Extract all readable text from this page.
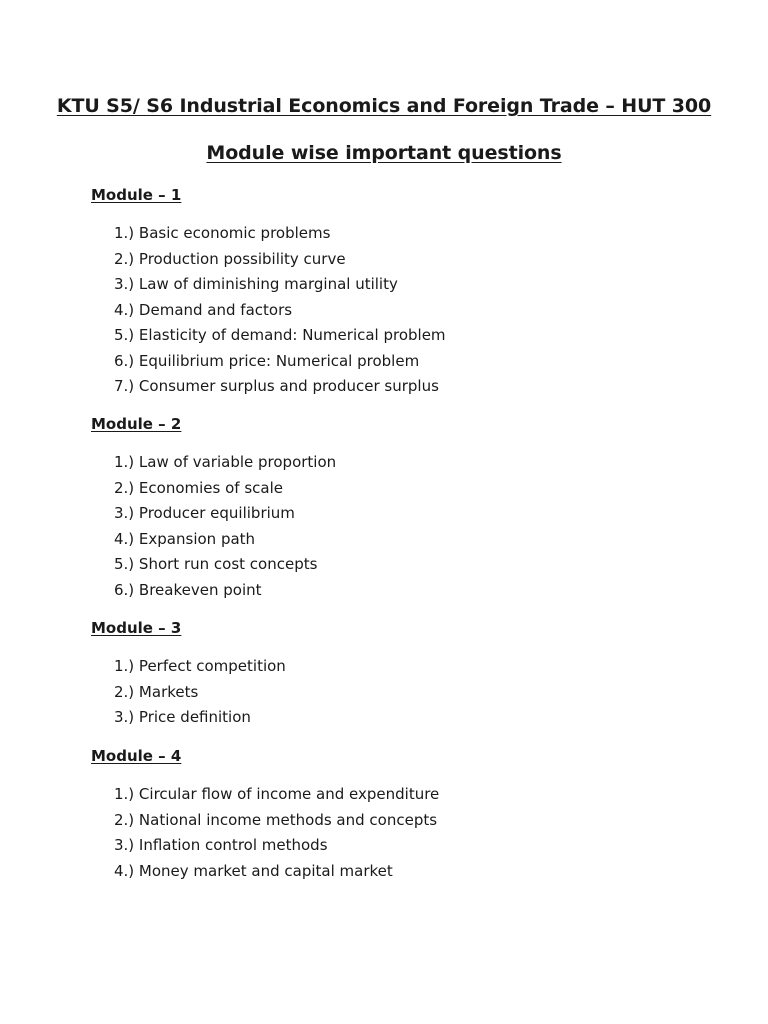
KTU S5/ S6 Industrial Economics and Foreign Trade – HUT 300
Module wise important questions
Module – 1
1.) Basic economic problems
2.) Production possibility curve
3.) Law of diminishing marginal utility
4.) Demand and factors
5.) Elasticity of demand: Numerical problem
6.) Equilibrium price: Numerical problem
7.) Consumer surplus and producer surplus
Module – 2
1.) Law of variable proportion
2.) Economies of scale
3.) Producer equilibrium
4.) Expansion path
5.) Short run cost concepts
6.) Breakeven point
Module – 3
1.) Perfect competition
2.) Markets
3.) Price definition
Module – 4
1.) Circular flow of income and expenditure
2.) National income methods and concepts
3.) Inflation control methods
4.) Money market and capital market
